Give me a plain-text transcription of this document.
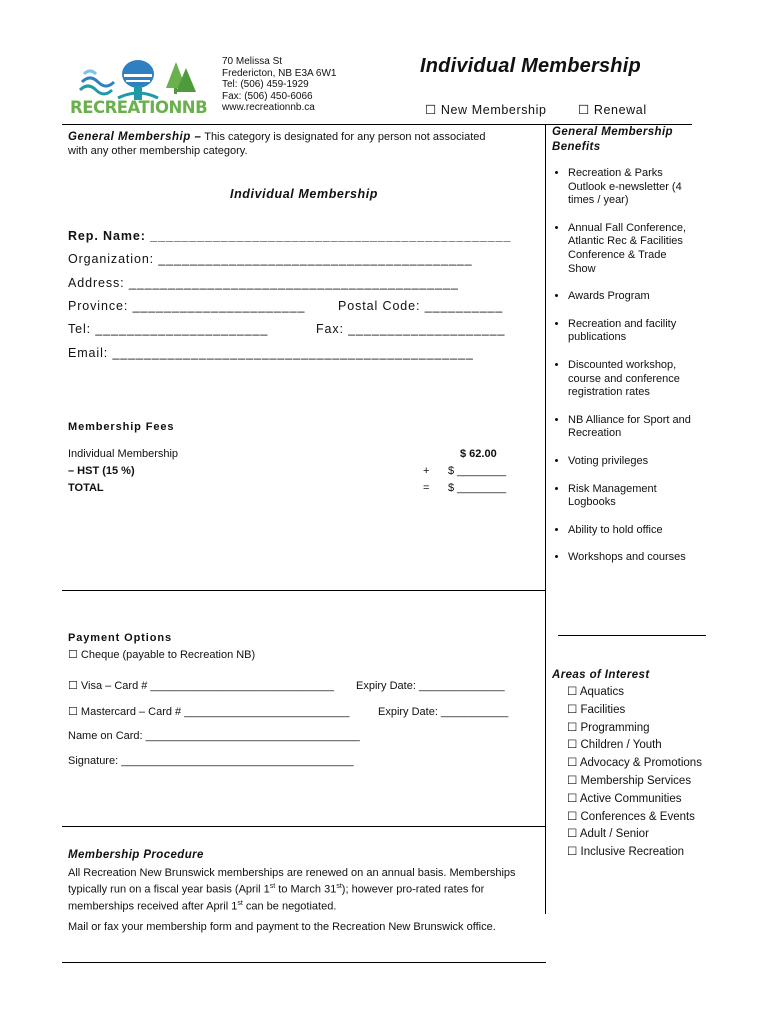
RECREATIONNB
70 Melissa St
Fredericton, NB E3A 6W1
Tel: (506) 459-1929
Fax: (506) 450-6066
www.recreationnb.ca
Individual Membership
☐ New Membership	☐ Renewal
General Membership – This category is designated for any person not associated
with any other membership category.
Individual Membership
Rep. Name: ______________________________________________
Organization: ________________________________________
Address: __________________________________________
Province: ______________________	Postal Code: __________
Tel: ______________________	Fax: ____________________
Email: ______________________________________________
Membership Fees
Individual Membership	$ 62.00
– HST (15 %)	+ $ ________
TOTAL	= $ ________
General Membership
Benefits
• Recreation & Parks Outlook e-newsletter (4 times / year)
• Annual Fall Conference, Atlantic Rec & Facilities Conference & Trade Show
• Awards Program
• Recreation and facility publications
• Discounted workshop, course and conference registration rates
• NB Alliance for Sport and Recreation
• Voting privileges
• Risk Management Logbooks
• Ability to hold office
• Workshops and courses
Payment Options
☐ Cheque (payable to Recreation NB)
☐ Visa – Card # ______________________________ Expiry Date: ______________
☐ Mastercard – Card # ___________________________	Expiry Date: ___________
Name on Card: ___________________________________
Signature: ______________________________________
Areas of Interest
☐ Aquatics
☐ Facilities
☐ Programming
☐ Children / Youth
☐ Advocacy & Promotions
☐ Membership Services
☐ Active Communities
☐ Conferences & Events
☐ Adult / Senior
☐ Inclusive Recreation
Membership Procedure
All Recreation New Brunswick memberships are renewed on an annual basis. Memberships
typically run on a fiscal year basis (April 1st to March 31st); however pro-rated rates for
memberships received after April 1st can be negotiated.
Mail or fax your membership form and payment to the Recreation New Brunswick office.
